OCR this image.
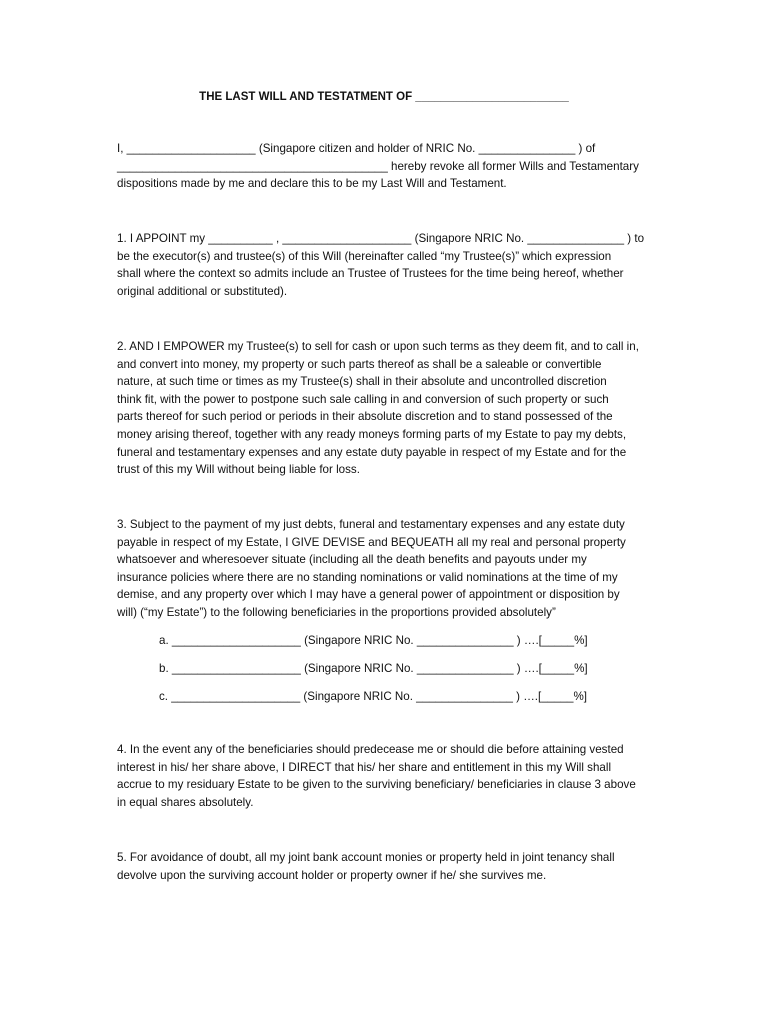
THE LAST WILL AND TESTATMENT OF ________________________

I, ____________________ (Singapore citizen and holder of NRIC No. _______________ ) of
__________________________________________ hereby revoke all former Wills and Testamentary
dispositions made by me and declare this to be my Last Will and Testament.

1. I APPOINT my __________ , ____________________ (Singapore NRIC No. _______________ ) to
be the executor(s) and trustee(s) of this Will (hereinafter called “my Trustee(s)” which expression
shall where the context so admits include an Trustee of Trustees for the time being hereof, whether
original additional or substituted).

2. AND I EMPOWER my Trustee(s) to sell for cash or upon such terms as they deem fit, and to call in,
and convert into money, my property or such parts thereof as shall be a saleable or convertible
nature, at such time or times as my Trustee(s) shall in their absolute and uncontrolled discretion
think fit, with the power to postpone such sale calling in and conversion of such property or such
parts thereof for such period or periods in their absolute discretion and to stand possessed of the
money arising thereof, together with any ready moneys forming parts of my Estate to pay my debts,
funeral and testamentary expenses and any estate duty payable in respect of my Estate and for the
trust of this my Will without being liable for loss.

3. Subject to the payment of my just debts, funeral and testamentary expenses and any estate duty
payable in respect of my Estate, I GIVE DEVISE and BEQUEATH all my real and personal property
whatsoever and wheresoever situate (including all the death benefits and payouts under my
insurance policies where there are no standing nominations or valid nominations at the time of my
demise, and any property over which I may have a general power of appointment or disposition by
will) (“my Estate”) to the following beneficiaries in the proportions provided absolutely”

a. ____________________ (Singapore NRIC No. _______________ ) ….[_____%]
b. ____________________ (Singapore NRIC No. _______________ ) ….[_____%]
c. ____________________ (Singapore NRIC No. _______________ ) ….[_____%]

4. In the event any of the beneficiaries should predecease me or should die before attaining vested
interest in his/ her share above, I DIRECT that his/ her share and entitlement in this my Will shall
accrue to my residuary Estate to be given to the surviving beneficiary/ beneficiaries in clause 3 above
in equal shares absolutely.

5. For avoidance of doubt, all my joint bank account monies or property held in joint tenancy shall
devolve upon the surviving account holder or property owner if he/ she survives me.
